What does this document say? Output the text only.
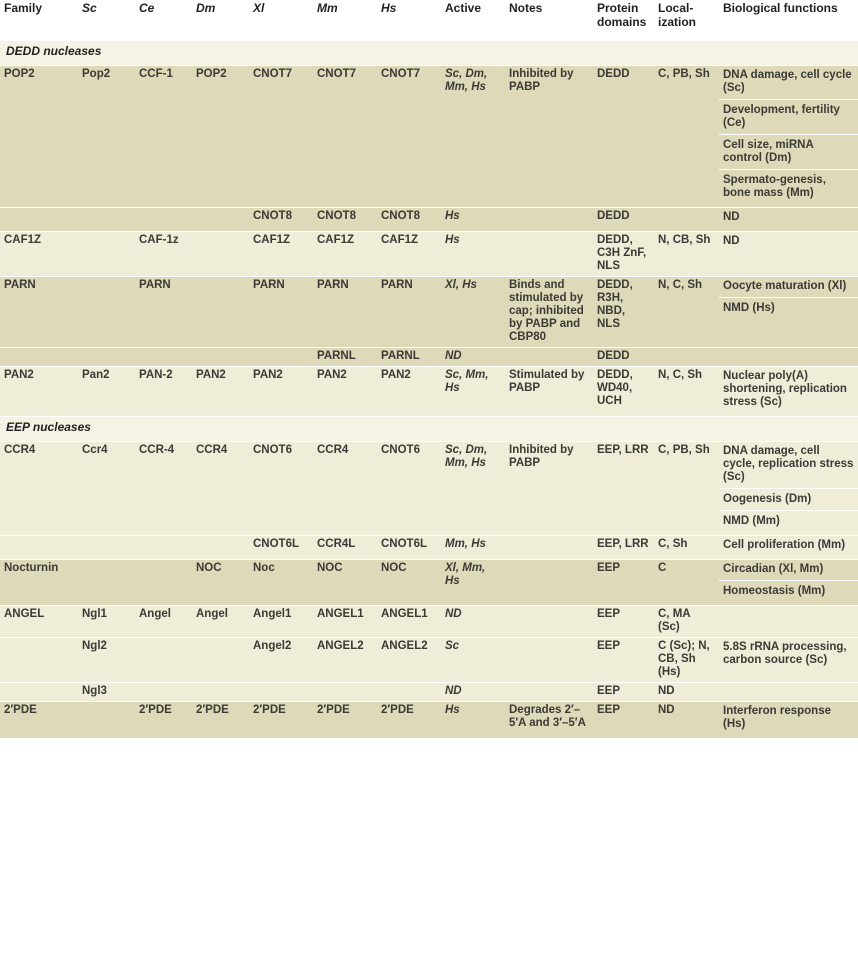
Family	Sc	Ce	Dm	Xl	Mm	Hs	Active	Notes	Protein domains	Local-ization	Biological functions
DEDD nucleases											
POP2	Pop2	CCF-1	POP2	CNOT7	CNOT7	CNOT7	Sc, Dm, Mm, Hs	Inhibited by PABP	DEDD	C, PB, Sh	DNA damage, cell cycle (Sc)
Development, fertility (Ce)
Cell size, miRNA control (Dm)
Spermato-genesis, bone mass (Mm)

				CNOT8	CNOT8	CNOT8	Hs		DEDD		ND

CAF1Z		CAF-1z		CAF1Z	CAF1Z	CAF1Z	Hs		DEDD, C3H ZnF, NLS	N, CB, Sh	ND

PARN		PARN		PARN	PARN	PARN	Xl, Hs	Binds and stimulated by cap; inhibited by PABP and CBP80	DEDD, R3H, NBD, NLS	N, C, Sh	Oocyte maturation (Xl)
NMD (Hs)

					PARNL	PARNL	ND		DEDD		

PAN2	Pan2	PAN-2	PAN2	PAN2	PAN2	PAN2	Sc, Mm, Hs	Stimulated by PABP	DEDD, WD40, UCH	N, C, Sh	Nuclear poly(A) shortening, replication stress (Sc)

EEP nucleases											
CCR4	Ccr4	CCR-4	CCR4	CNOT6	CCR4	CNOT6	Sc, Dm, Mm, Hs	Inhibited by PABP	EEP, LRR	C, PB, Sh	DNA damage, cell cycle, replication stress (Sc)
Oogenesis (Dm)
NMD (Mm)

				CNOT6L	CCR4L	CNOT6L	Mm, Hs		EEP, LRR	C, Sh	Cell proliferation (Mm)

Nocturnin			NOC	Noc	NOC	NOC	Xl, Mm, Hs		EEP	C	Circadian (Xl, Mm)
Homeostasis (Mm)

ANGEL	Ngl1	Angel	Angel	Angel1	ANGEL1	ANGEL1	ND		EEP	C, MA (Sc)	

	Ngl2			Angel2	ANGEL2	ANGEL2	Sc		EEP	C (Sc); N, CB, Sh (Hs)	5.8S rRNA processing, carbon source (Sc)

	Ngl3						ND		EEP	ND	

2′PDE		2′PDE	2′PDE	2′PDE	2′PDE	2′PDE	Hs	Degrades 2′–5′A and 3′–5′A	EEP	ND	Interferon response (Hs)
